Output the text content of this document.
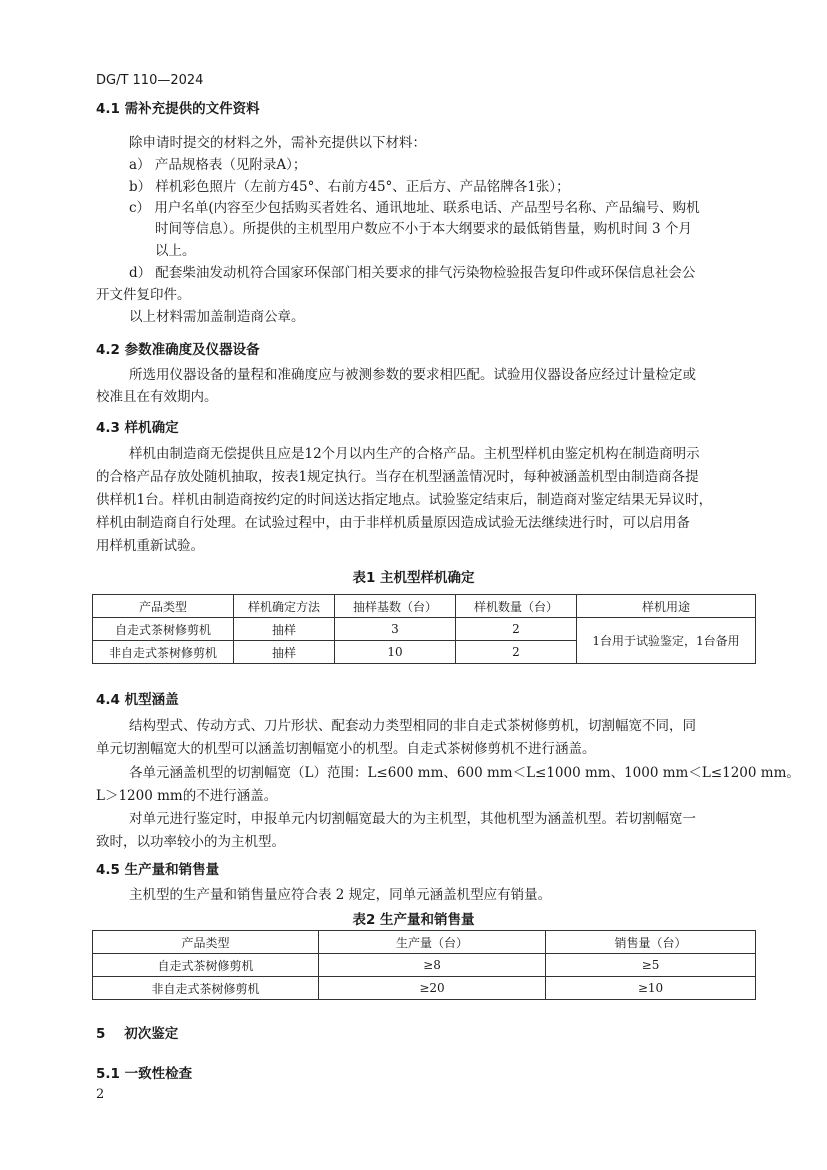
DG/T 110—2024
4.1 需补充提供的文件资料
除申请时提交的材料之外，需补充提供以下材料：
a） 产品规格表（见附录A）；
b） 样机彩色照片（左前方45°、右前方45°、正后方、产品铭牌各1张）；
c） 用户名单(内容至少包括购买者姓名、通讯地址、联系电话、产品型号名称、产品编号、购机
时间等信息）。所提供的主机型用户数应不小于本大纲要求的最低销售量，购机时间 3 个月
以上。
d） 配套柴油发动机符合国家环保部门相关要求的排气污染物检验报告复印件或环保信息社会公
开文件复印件。
以上材料需加盖制造商公章。
4.2 参数准确度及仪器设备
所选用仪器设备的量程和准确度应与被测参数的要求相匹配。试验用仪器设备应经过计量检定或
校准且在有效期内。
4.3 样机确定
样机由制造商无偿提供且应是12个月以内生产的合格产品。主机型样机由鉴定机构在制造商明示
的合格产品存放处随机抽取，按表1规定执行。当存在机型涵盖情况时，每种被涵盖机型由制造商各提
供样机1台。样机由制造商按约定的时间送达指定地点。试验鉴定结束后，制造商对鉴定结果无异议时，
样机由制造商自行处理。在试验过程中，由于非样机质量原因造成试验无法继续进行时，可以启用备
用样机重新试验。
表1 主机型样机确定
产品类型	样机确定方法	抽样基数（台）	样机数量（台）	样机用途
自走式茶树修剪机	抽样	3	2	1台用于试验鉴定，1台备用
非自走式茶树修剪机	抽样	10	2	
4.4 机型涵盖
结构型式、传动方式、刀片形状、配套动力类型相同的非自走式茶树修剪机，切割幅宽不同，同
单元切割幅宽大的机型可以涵盖切割幅宽小的机型。自走式茶树修剪机不进行涵盖。
各单元涵盖机型的切割幅宽（L）范围：L≤600 mm、600 mm＜L≤1000 mm、1000 mm＜L≤1200 mm。
L＞1200 mm的不进行涵盖。
对单元进行鉴定时，申报单元内切割幅宽最大的为主机型，其他机型为涵盖机型。若切割幅宽一
致时，以功率较小的为主机型。
4.5 生产量和销售量
主机型的生产量和销售量应符合表 2 规定，同单元涵盖机型应有销量。
表2 生产量和销售量
产品类型	生产量（台）	销售量（台）
自走式茶树修剪机	≥8	≥5
非自走式茶树修剪机	≥20	≥10
5    初次鉴定
5.1 一致性检查
2
